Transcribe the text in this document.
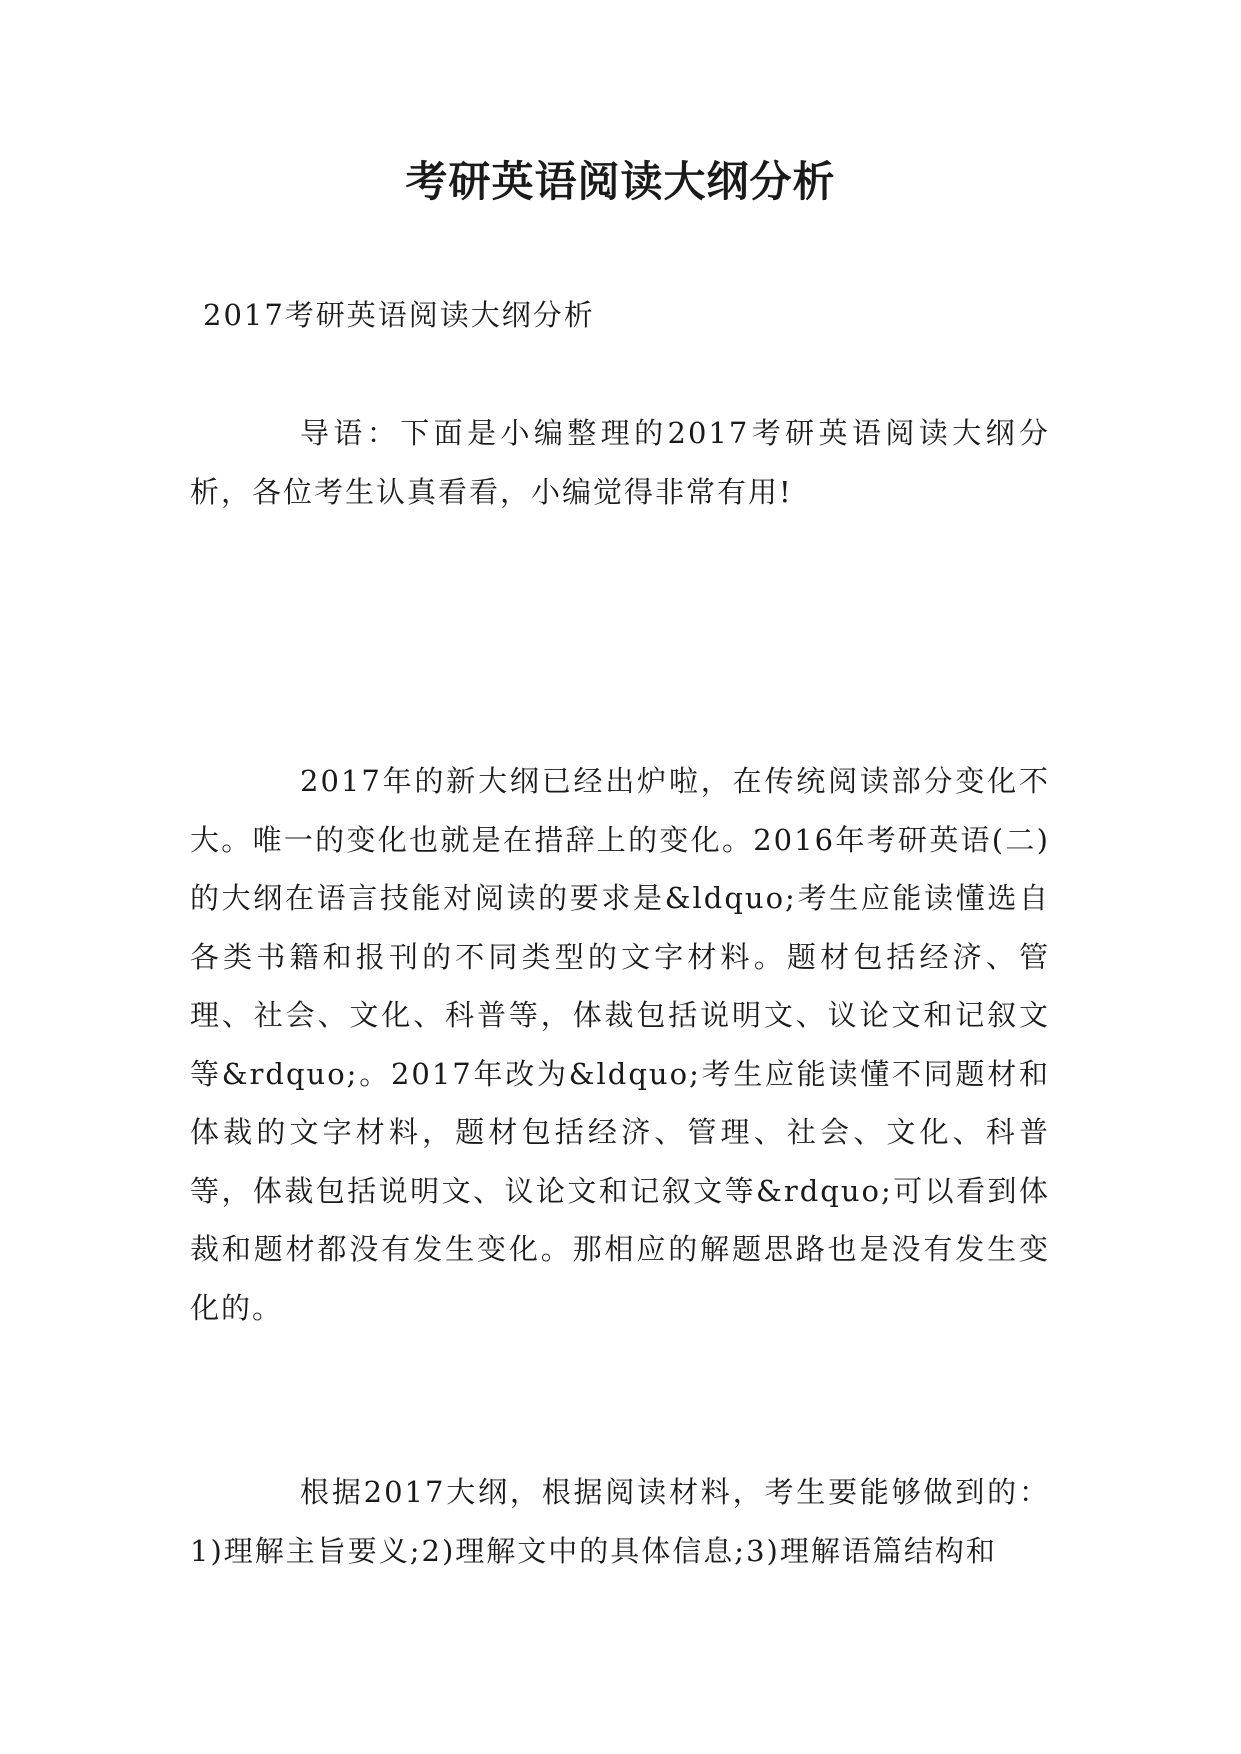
考研英语阅读大纲分析

2017考研英语阅读大纲分析

导语：下面是小编整理的2017考研英语阅读大纲分析，各位考生认真看看，小编觉得非常有用!

2017年的新大纲已经出炉啦，在传统阅读部分变化不大。唯一的变化也就是在措辞上的变化。2016年考研英语(二)的大纲在语言技能对阅读的要求是&ldquo;考生应能读懂选自各类书籍和报刊的不同类型的文字材料。题材包括经济、管理、社会、文化、科普等，体裁包括说明文、议论文和记叙文等&rdquo;。2017年改为&ldquo;考生应能读懂不同题材和体裁的文字材料，题材包括经济、管理、社会、文化、科普等，体裁包括说明文、议论文和记叙文等&rdquo;可以看到体裁和题材都没有发生变化。那相应的解题思路也是没有发生变化的。

根据2017大纲，根据阅读材料，考生要能够做到的：1)理解主旨要义;2)理解文中的具体信息;3)理解语篇结构和
